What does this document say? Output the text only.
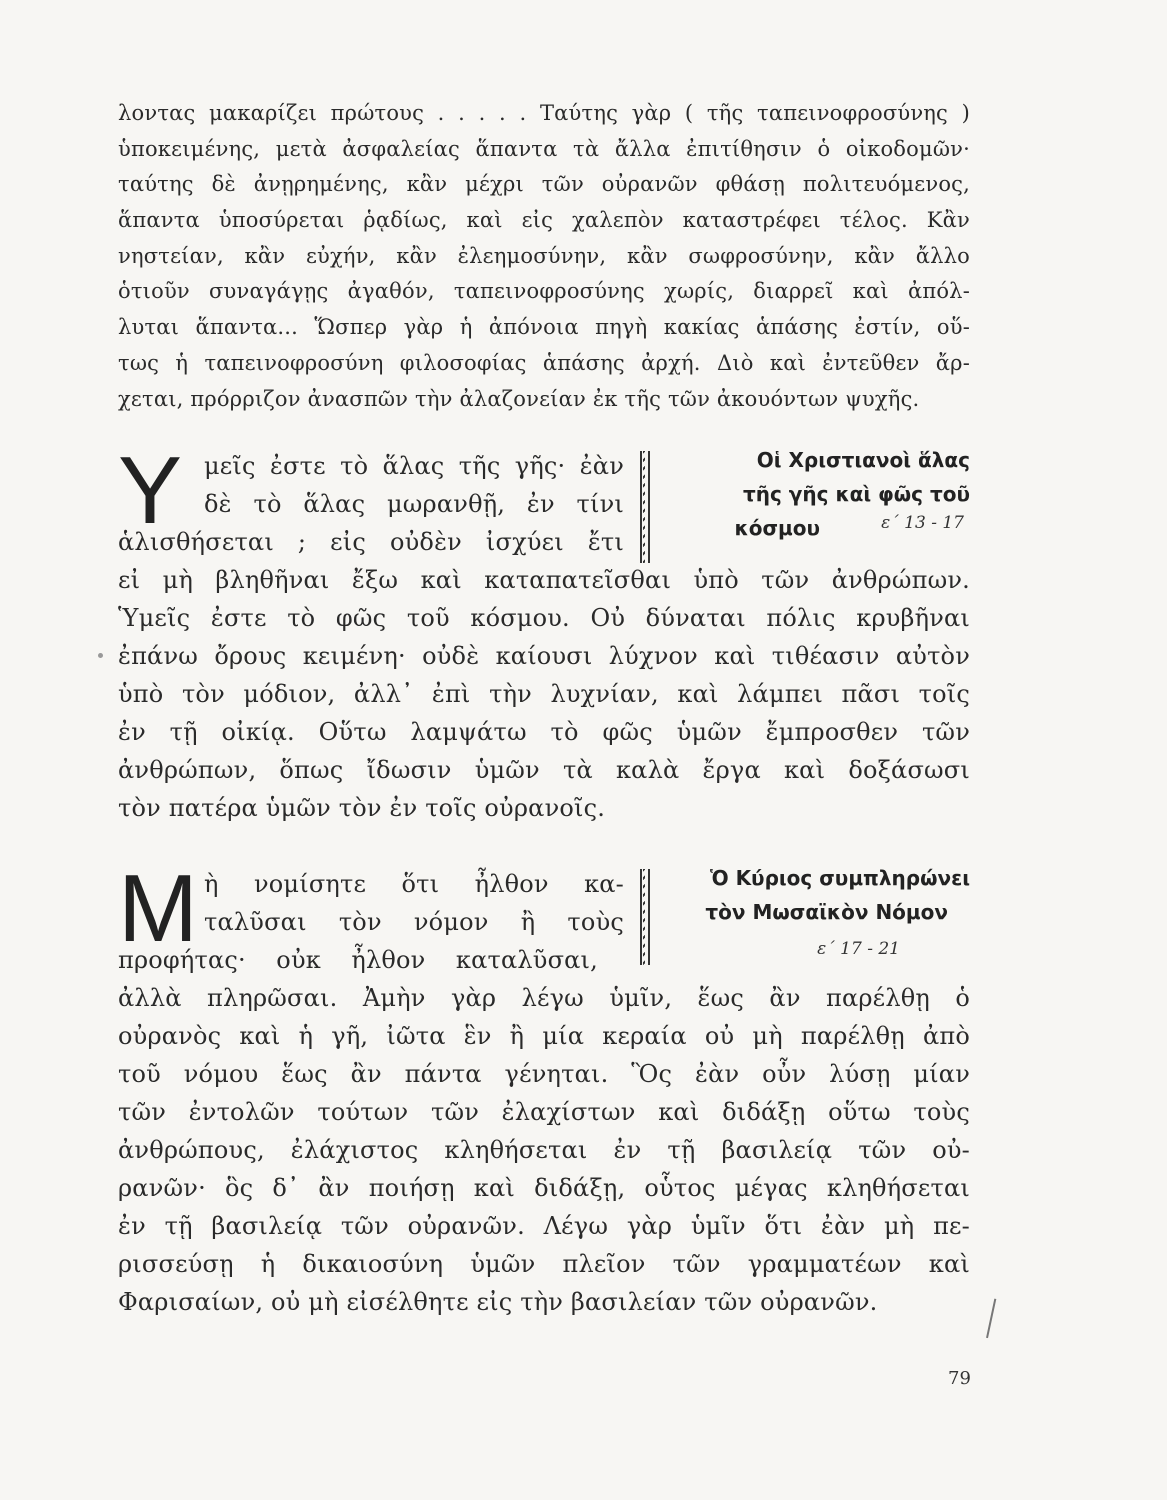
λοντας μακαρίζει πρώτους . . . . . Ταύτης γὰρ ( τῆς ταπεινοφροσύνης )
ὑποκειμένης, μετὰ ἀσφαλείας ἅπαντα τὰ ἄλλα ἐπιτίθησιν ὁ οἰκοδομῶν·
ταύτης δὲ ἀνῃρημένης, κἂν μέχρι τῶν οὐρανῶν φθάσῃ πολιτευόμενος,
ἅπαντα ὑποσύρεται ῥᾳδίως, καὶ εἰς χαλεπὸν καταστρέφει τέλος. Κἂν
νηστείαν, κἂν εὐχήν, κἂν ἐλεημοσύνην, κἂν σωφροσύνην, κἂν ἄλλο
ὁτιοῦν συναγάγῃς ἀγαθόν, ταπεινοφροσύνης χωρίς, διαρρεῖ καὶ ἀπόλ-
λυται ἅπαντα... Ὥσπερ γὰρ ἡ ἀπόνοια πηγὴ κακίας ἁπάσης ἐστίν, οὕ-
τως ἡ ταπεινοφροσύνη φιλοσοφίας ἁπάσης ἀρχή. Διὸ καὶ ἐντεῦθεν ἄρ-
χεται, πρόρριζον ἀνασπῶν τὴν ἀλαζονείαν ἐκ τῆς τῶν ἀκουόντων ψυχῆς.
Υ μεῖς ἐστε τὸ ἅλας τῆς γῆς· ἐὰν
δὲ τὸ ἅλας μωρανθῇ, ἐν τίνι
ἁλισθήσεται ; εἰς οὐδὲν ἰσχύει ἔτι
Οἱ Χριστιανοὶ ἅλας
τῆς γῆς καὶ φῶς τοῦ
κόσμου	ε΄ 13 - 17
εἰ μὴ βληθῆναι ἔξω καὶ καταπατεῖσθαι ὑπὸ τῶν ἀνθρώπων.
Ὑμεῖς ἐστε τὸ φῶς τοῦ κόσμου. Οὐ δύναται πόλις κρυβῆναι
ἐπάνω ὄρους κειμένη· οὐδὲ καίουσι λύχνον καὶ τιθέασιν αὐτὸν
ὑπὸ τὸν μόδιον, ἀλλ᾽ ἐπὶ τὴν λυχνίαν, καὶ λάμπει πᾶσι τοῖς
ἐν τῇ οἰκίᾳ. Οὕτω λαμψάτω τὸ φῶς ὑμῶν ἔμπροσθεν τῶν
ἀνθρώπων, ὅπως ἴδωσιν ὑμῶν τὰ καλὰ ἔργα καὶ δοξάσωσι
τὸν πατέρα ὑμῶν τὸν ἐν τοῖς οὐρανοῖς.
Μ ὴ νομίσητε ὅτι ἦλθον κα-
ταλῦσαι τὸν νόμον ἢ τοὺς
προφήτας· οὐκ ἦλθον καταλῦσαι,
Ὁ Κύριος συμπληρώνει
τὸν Μωσαϊκὸν Νόμον
ε΄ 17 - 21
ἀλλὰ πληρῶσαι. Ἀμὴν γὰρ λέγω ὑμῖν, ἕως ἂν παρέλθῃ ὁ
οὐρανὸς καὶ ἡ γῆ, ἰῶτα ἓν ἢ μία κεραία οὐ μὴ παρέλθῃ ἀπὸ
τοῦ νόμου ἕως ἂν πάντα γένηται. Ὃς ἐὰν οὖν λύσῃ μίαν
τῶν ἐντολῶν τούτων τῶν ἐλαχίστων καὶ διδάξῃ οὕτω τοὺς
ἀνθρώπους, ἐλάχιστος κληθήσεται ἐν τῇ βασιλείᾳ τῶν οὐ-
ρανῶν· ὃς δ᾽ ἂν ποιήσῃ καὶ διδάξῃ, οὗτος μέγας κληθήσεται
ἐν τῇ βασιλείᾳ τῶν οὐρανῶν. Λέγω γὰρ ὑμῖν ὅτι ἐὰν μὴ πε-
ρισσεύσῃ ἡ δικαιοσύνη ὑμῶν πλεῖον τῶν γραμματέων καὶ
Φαρισαίων, οὐ μὴ εἰσέλθητε εἰς τὴν βασιλείαν τῶν οὐρανῶν.
79
